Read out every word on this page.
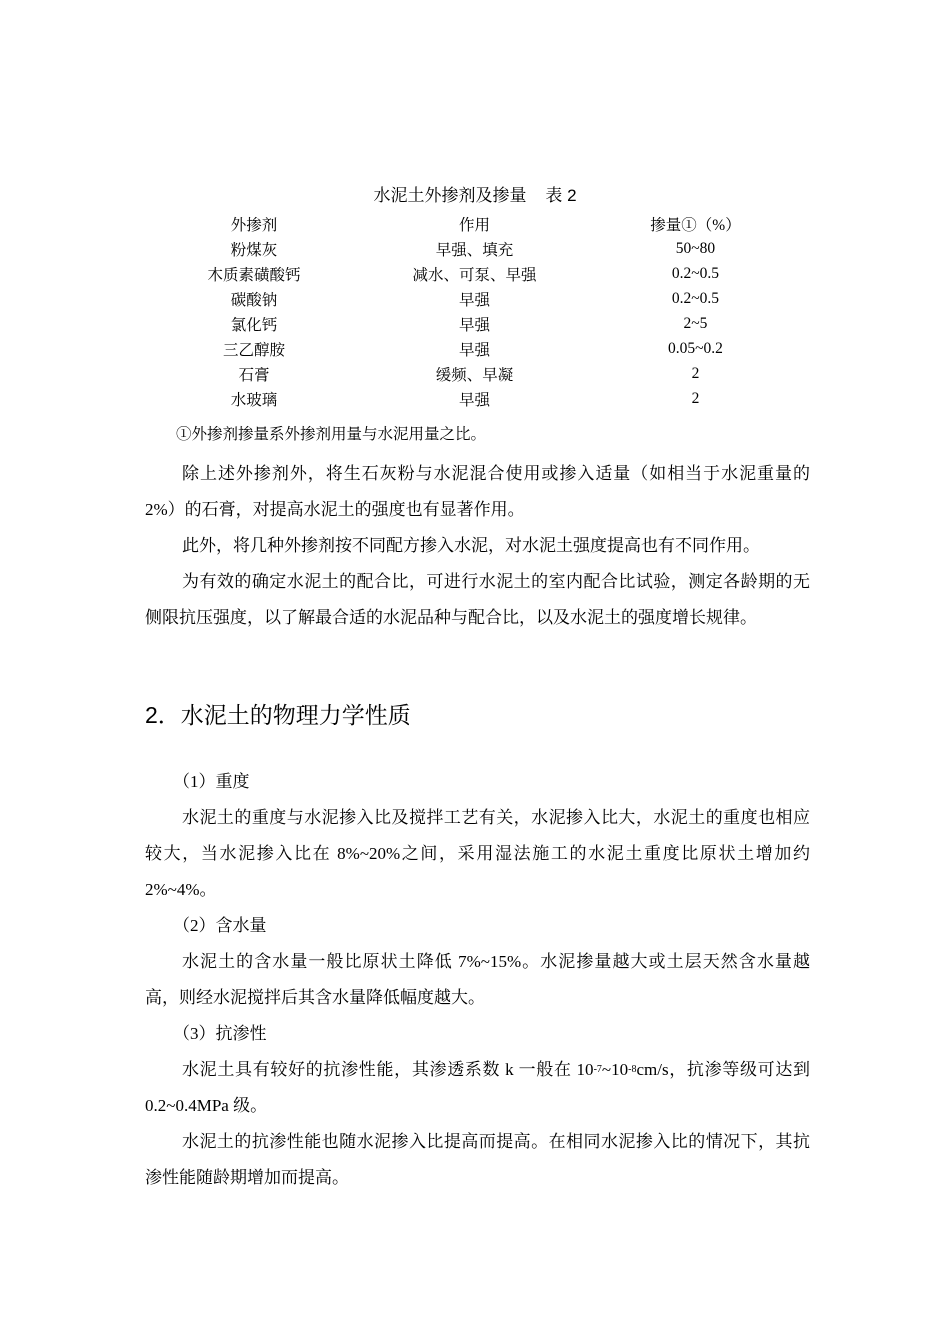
水泥土外掺剂及掺量    表 2
外掺剂	作用	掺量①（%）
粉煤灰	早强、填充	50~80
木质素磺酸钙	减水、可泵、早强	0.2~0.5
碳酸钠	早强	0.2~0.5
氯化钙	早强	2~5
三乙醇胺	早强	0.05~0.2
石膏	缓频、早凝	2
水玻璃	早强	2
①外掺剂掺量系外掺剂用量与水泥用量之比。

除上述外掺剂外，将生石灰粉与水泥混合使用或掺入适量（如相当于水泥重量的 2%）的石膏，对提高水泥土的强度也有显著作用。

此外，将几种外掺剂按不同配方掺入水泥，对水泥土强度提高也有不同作用。

为有效的确定水泥土的配合比，可进行水泥土的室内配合比试验，测定各龄期的无侧限抗压强度，以了解最合适的水泥品种与配合比，以及水泥土的强度增长规律。

2．水泥土的物理力学性质

（1）重度

水泥土的重度与水泥掺入比及搅拌工艺有关，水泥掺入比大，水泥土的重度也相应较大，当水泥掺入比在 8%~20%之间，采用湿法施工的水泥土重度比原状土增加约 2%~4%。

（2）含水量

水泥土的含水量一般比原状土降低 7%~15%。水泥掺量越大或土层天然含水量越高，则经水泥搅拌后其含水量降低幅度越大。

（3）抗渗性

水泥土具有较好的抗渗性能，其渗透系数 k 一般在 $10^{-7}\sim 10^{-8}cm/s$，抗渗等级可达到 0.2~0.4MPa 级。

水泥土的抗渗性能也随水泥掺入比提高而提高。在相同水泥掺入比的情况下，其抗渗性能随龄期增加而提高。
